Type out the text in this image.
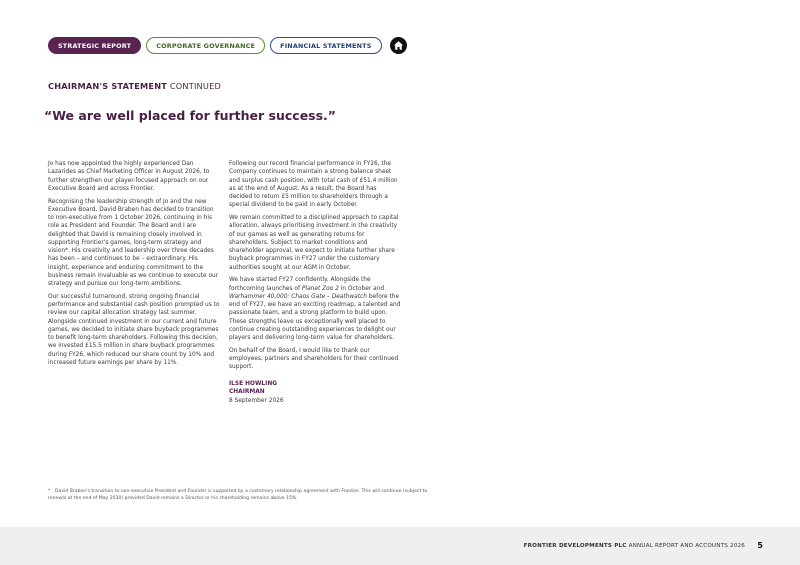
STRATEGIC REPORT	CORPORATE GOVERNANCE	FINANCIAL STATEMENTS
CHAIRMAN'S STATEMENT CONTINUED
“We are well placed for further success.”

Jo has now appointed the highly experienced Dan Lazarides as Chief Marketing Officer in August 2026, to further strengthen our player-focused approach on our Executive Board and across Frontier.

Recognising the leadership strength of Jo and the new Executive Board, David Braben has decided to transition to non-executive from 1 October 2026, continuing in his role as President and Founder. The Board and I are delighted that David is remaining closely involved in supporting Frontier's games, long-term strategy and vision*. His creativity and leadership over three decades has been – and continues to be – extraordinary. His insight, experience and enduring commitment to the business remain invaluable as we continue to execute our strategy and pursue our long-term ambitions.

Our successful turnaround, strong ongoing financial performance and substantial cash position prompted us to review our capital allocation strategy last summer. Alongside continued investment in our current and future games, we decided to initiate share buyback programmes to benefit long-term shareholders. Following this decision, we invested £15.5 million in share buyback programmes during FY26, which reduced our share count by 10% and increased future earnings per share by 11%.

Following our record financial performance in FY26, the Company continues to maintain a strong balance sheet and surplus cash position, with total cash of £51.4 million as at the end of August. As a result, the Board has decided to return £5 million to shareholders through a special dividend to be paid in early October.

We remain committed to a disciplined approach to capital allocation, always prioritising investment in the creativity of our games as well as generating returns for shareholders. Subject to market conditions and shareholder approval, we expect to initiate further share buyback programmes in FY27 under the customary authorities sought at our AGM in October.

We have started FY27 confidently. Alongside the forthcoming launches of Planet Zoo 2 in October and Warhammer 40,000: Chaos Gate – Deathwatch before the end of FY27, we have an exciting roadmap, a talented and passionate team, and a strong platform to build upon. These strengths leave us exceptionally well placed to continue creating outstanding experiences to delight our players and delivering long-term value for shareholders.

On behalf of the Board, I would like to thank our employees, partners and shareholders for their continued support.

ILSE HOWLING
CHAIRMAN
8 September 2026
* David Braben's transition to non-executive President and Founder is supported by a customary relationship agreement with Frontier. This will continue (subject to renewal at the end of May 2030) provided David remains a Director or his shareholding remains above 15%.
FRONTIER DEVELOPMENTS PLC ANNUAL REPORT AND ACCOUNTS 2026 5
